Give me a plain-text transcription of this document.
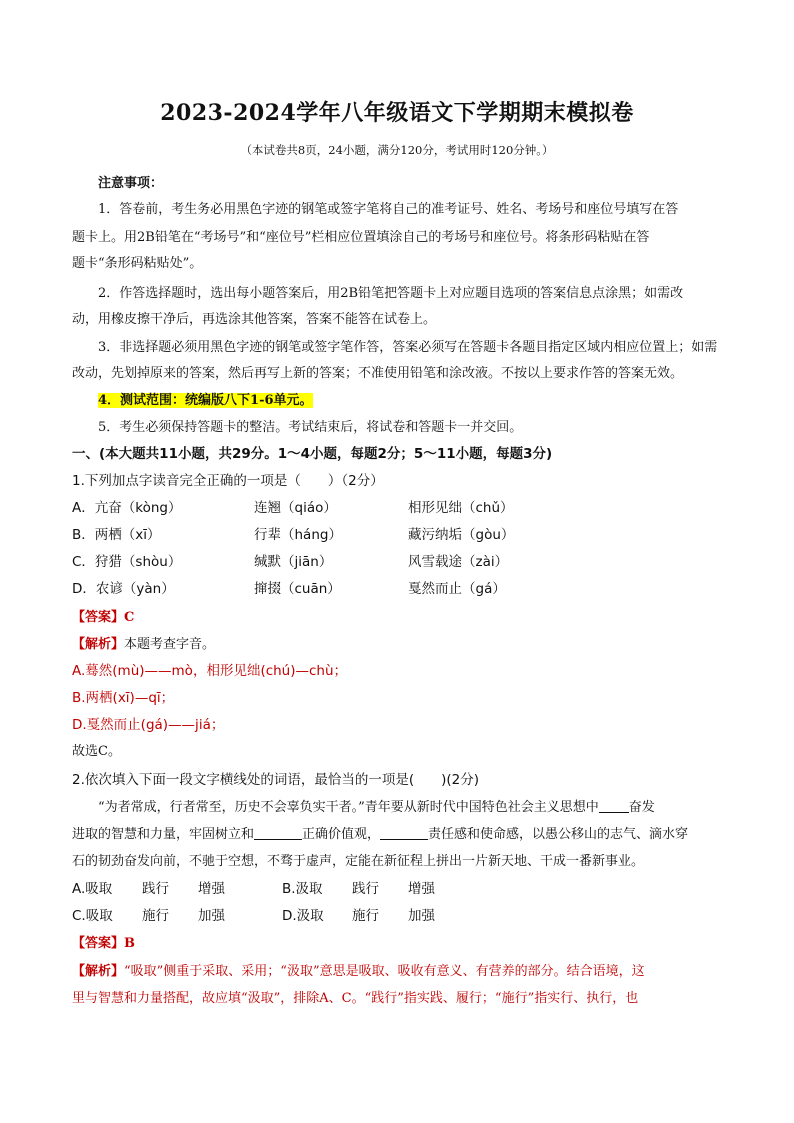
2023-2024学年八年级语文下学期期末模拟卷
（本试卷共8页，24小题，满分120分，考试用时120分钟。）
注意事项：
1．答卷前，考生务必用黑色字迹的钢笔或签字笔将自己的准考证号、姓名、考场号和座位号填写在答
题卡上。用2B铅笔在“考场号”和“座位号”栏相应位置填涂自己的考场号和座位号。将条形码粘贴在答
题卡“条形码粘贴处”。
2．作答选择题时，选出每小题答案后，用2B铅笔把答题卡上对应题目选项的答案信息点涂黑；如需改
动，用橡皮擦干净后，再选涂其他答案，答案不能答在试卷上。
3．非选择题必须用黑色字迹的钢笔或签字笔作答，答案必须写在答题卡各题目指定区域内相应位置上；如需
改动，先划掉原来的答案，然后再写上新的答案；不准使用铅笔和涂改液。不按以上要求作答的答案无效。
4．测试范围：统编版八下1-6单元。
5．考生必须保持答题卡的整洁。考试结束后，将试卷和答题卡一并交回。
一、(本大题共11小题，共29分。1～4小题，每题2分；5～11小题，每题3分)
1.下列加点字读音完全正确的一项是（　　）（2分）
A．亢奋（kòng）	连翘（qiáo）	相形见绌（chǔ）
B．两栖（xī）	行辈（háng）	藏污纳垢（gòu）
C．狩猎（shòu）	缄默（jiān）	风雪载途（zài）
D．农谚（yàn）	撺掇（cuān）	戛然而止（gá）
【答案】C
【解析】本题考查字音。
A.蓦然(mù)——mò，相形见绌(chú)—chù；
B.两栖(xī)—qī；
D.戛然而止(gá)——jiá；
故选C。
2.依次填入下面一段文字横线处的词语，最恰当的一项是(　　)(2分)
“为者常成，行者常至，历史不会辜负实干者。”青年要从新时代中国特色社会主义思想中 奋发
进取的智慧和力量，牢固树立和	正确价值观，	责任感和使命感，以愚公移山的志气、滴水穿
石的韧劲奋发向前，不驰于空想，不骛于虚声，定能在新征程上拼出一片新天地、干成一番新事业。
A.吸取 践行 增强	B.汲取 践行 增强
C.吸取 施行 加强	D.汲取 施行 加强
【答案】B
【解析】“吸取”侧重于采取、采用；“汲取”意思是吸取、吸收有意义、有营养的部分。结合语境，这
里与智慧和力量搭配，故应填“汲取”，排除A、C。“践行”指实践、履行；“施行”指实行、执行，也
